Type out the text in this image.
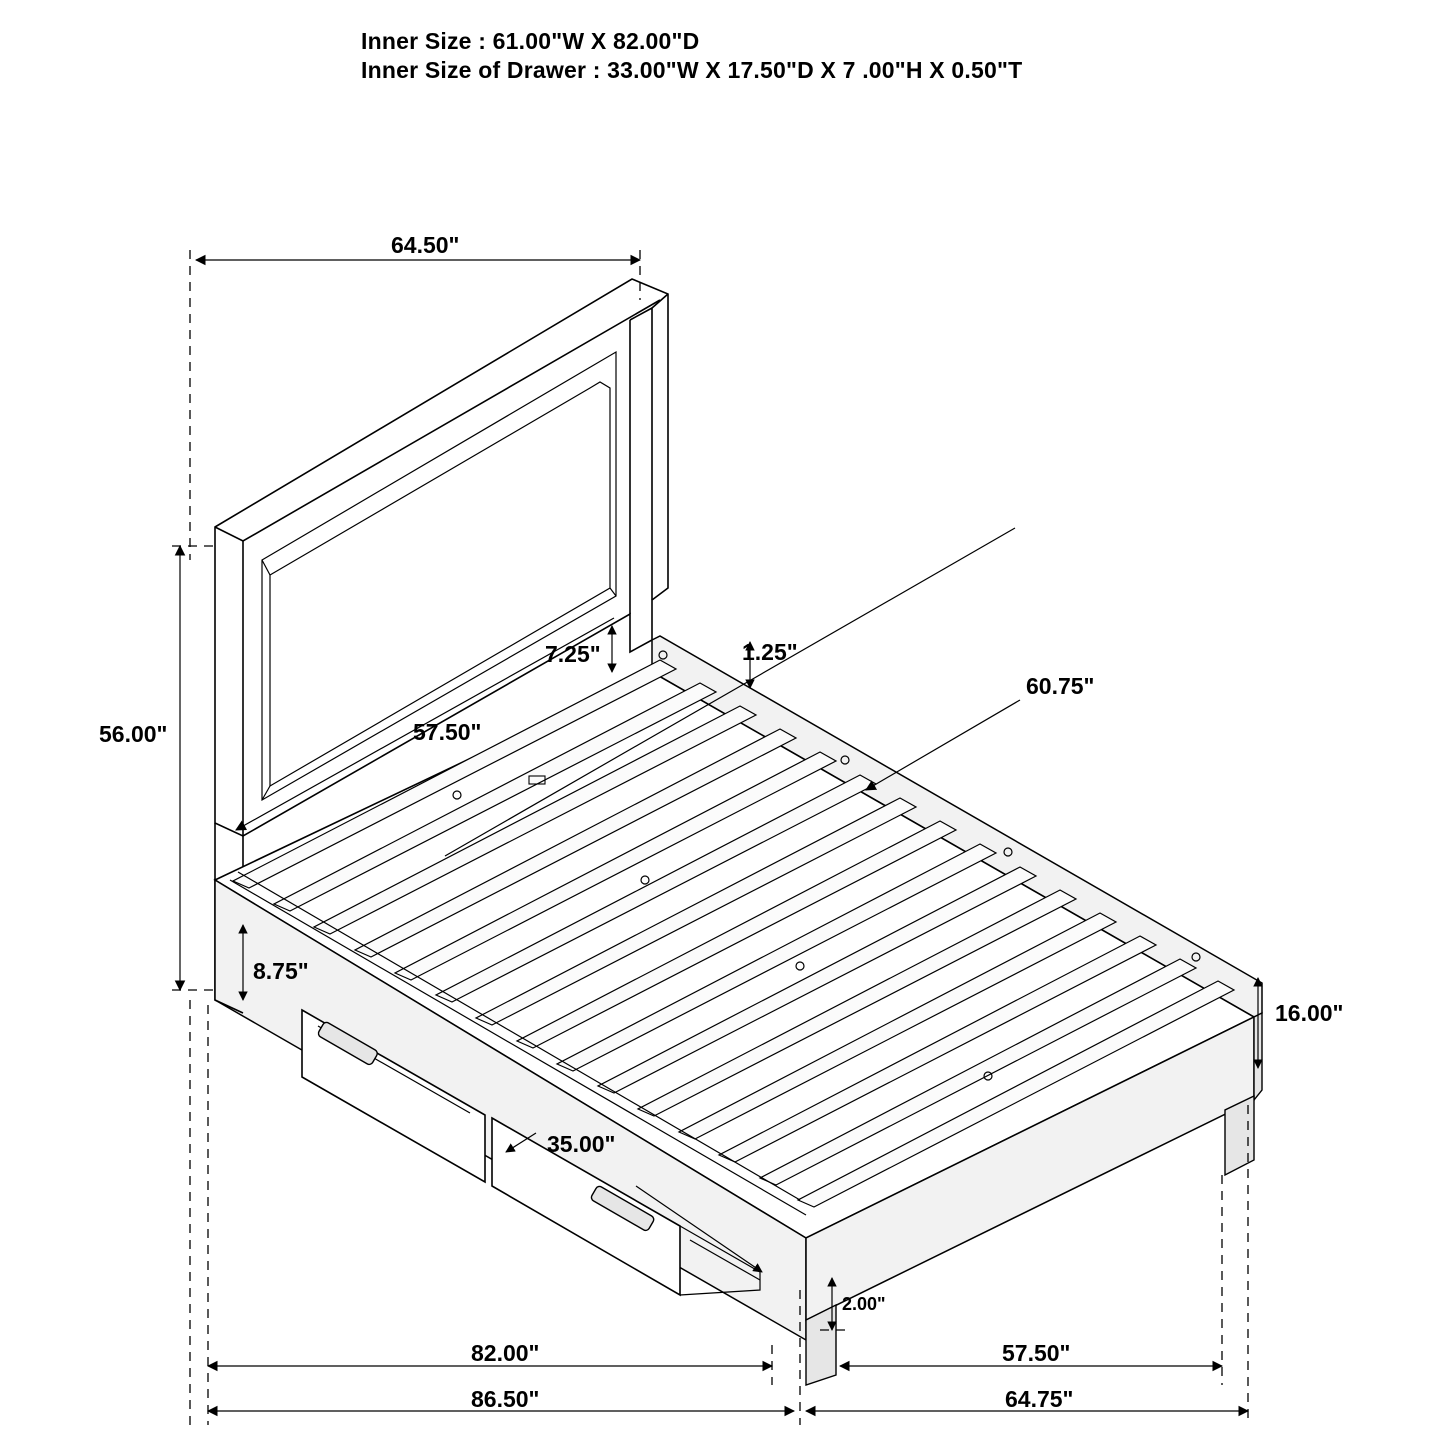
Inner Size : 61.00"W X 82.00"D
Inner Size of Drawer : 33.00"W X 17.50"D X 7 .00"H X 0.50"T
64.50"
7.25"	1.25"
60.75"
57.50"
56.00"
8.75"
16.00"
35.00"
2.00"
82.00"	57.50"
86.50"	64.75"
